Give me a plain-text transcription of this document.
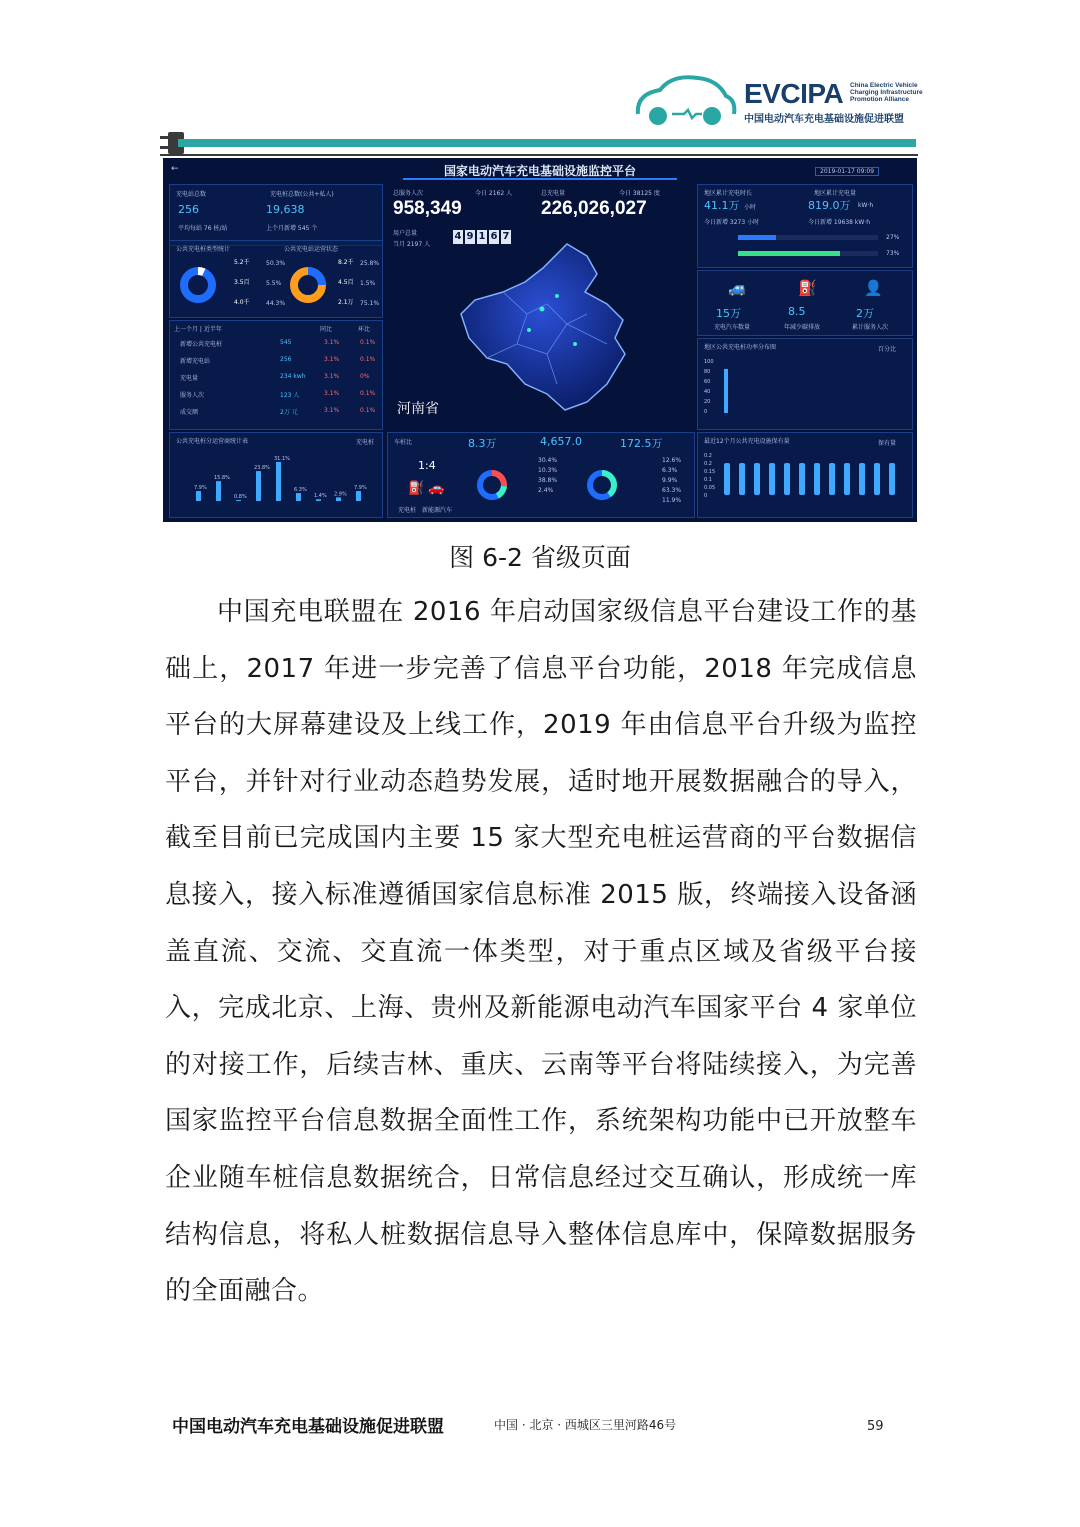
EVCIPA China Electric Vehicle Charging Infrastructure Promotion Alliance
中国电动汽车充电基础设施促进联盟
国家电动汽车充电基础设施监控平台	2019-01-17 09:09
←
充电站总数
256
充电桩总数(公共+私人)
19,638
平均每站 76 桩/站	上个月新增 545 个
公共充电桩类型统计	公共充电站运营状态
5.2千
3.5百
4.0千
50.3%
5.5%
44.3%
8.2千
4.5百
2.1万
25.8%
1.5%
75.1%
上一个月 | 近半年	同比	环比
新增公共充电桩	545	3.1%	0.1%
新增充电站	256	3.1%	0.1%
充电量	234 kwh	3.1%	0%
服务人次	123 人	3.1%	0.1%
成交额	2万 元	3.1%	0.1%
公共充电桩分运营商统计表	充电桩
7.9%
15.8%
0.8%
23.8%
31.1%
6.3%
1.4% 2.9%
7.9%
总服务人次	今日 2162 人
958,349
总充电量	今日 38125 度
226,026,027
用户总量
当月 2197 人
4 9 1 6 7
河南省
车桩比
1:4
⛽ 🚗
充电桩 新能源汽车
8.3万	4,657.0	172.5万
30.4%
10.3%
38.8%
2.4%
12.6%
6.3%
9.9%
63.3%
11.9%
地区累计充电时长
41.1万 小时
今日新增 3273 小时
地区累计充电量
819.0万 kW·h
今日新增 19638 kW·h
27%
73%
🚙	⛽	👤
15万	8.5	2万
充电汽车数量	年减少碳排放	累计服务人次
地区公共充电桩功率分布图	百分比
100
80
60
40
20
0
最近12个月公共充电设施保有量	保有量
0.2
0.2
0.15
0.1
0.05
0
图 6-2 省级页面

中国充电联盟在 2016 年启动国家级信息平台建设工作的基础上，2017 年进一步完善了信息平台功能，2018 年完成信息平台的大屏幕建设及上线工作，2019 年由信息平台升级为监控平台，并针对行业动态趋势发展，适时地开展数据融合的导入，截至目前已完成国内主要 15 家大型充电桩运营商的平台数据信息接入，接入标准遵循国家信息标准 2015 版，终端接入设备涵盖直流、交流、交直流一体类型，对于重点区域及省级平台接入，完成北京、上海、贵州及新能源电动汽车国家平台 4 家单位的对接工作，后续吉林、重庆、云南等平台将陆续接入，为完善国家监控平台信息数据全面性工作，系统架构功能中已开放整车企业随车桩信息数据统合，日常信息经过交互确认，形成统一库结构信息，将私人桩数据信息导入整体信息库中，保障数据服务的全面融合。

中国电动汽车充电基础设施促进联盟	中国 · 北京 · 西城区三里河路46号	59
